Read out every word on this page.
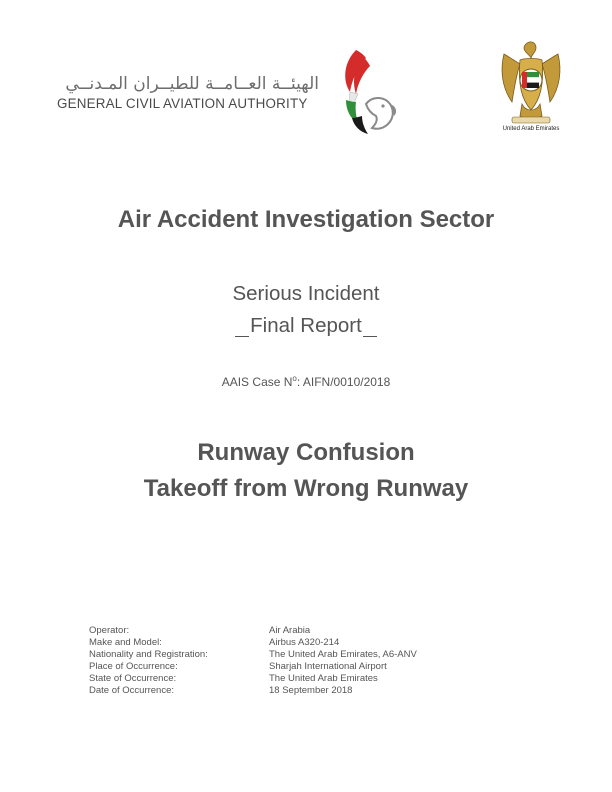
الهيئــة العــامــة للطيــران المـدنــي
GENERAL CIVIL AVIATION AUTHORITY
United Arab Emirates
Air Accident Investigation Sector
Serious Incident
Final Report
AAIS Case $N^o$: AIFN/0010/2018
Runway Confusion
Takeoff from Wrong Runway
Operator:	Air Arabia
Make and Model:	Airbus A320-214
Nationality and Registration:	The United Arab Emirates, A6-ANV
Place of Occurrence:	Sharjah International Airport
State of Occurrence:	The United Arab Emirates
Date of Occurrence:	18 September 2018
